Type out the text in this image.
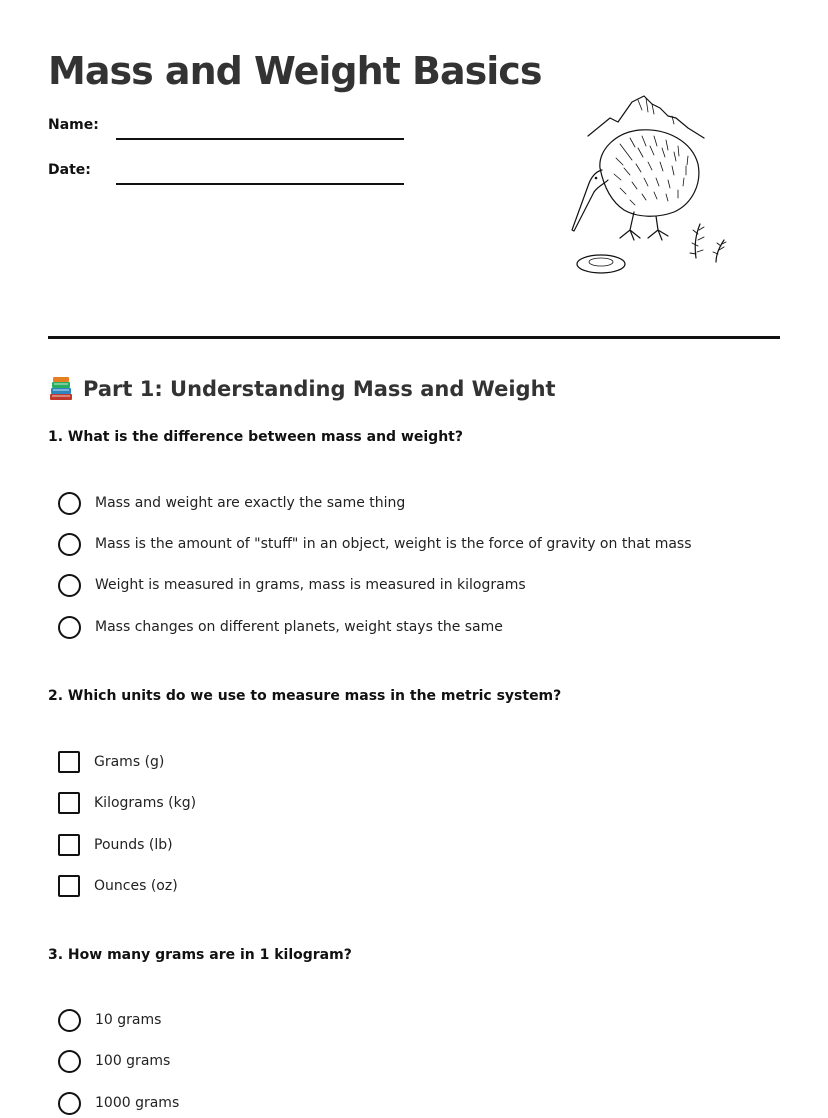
Mass and Weight Basics
Name:
Date:
Part 1: Understanding Mass and Weight

1. What is the difference between mass and weight?

Mass and weight are exactly the same thing
Mass is the amount of "stuff" in an object, weight is the force of gravity on that mass
Weight is measured in grams, mass is measured in kilograms
Mass changes on different planets, weight stays the same

2. Which units do we use to measure mass in the metric system?

Grams (g)
Kilograms (kg)
Pounds (lb)
Ounces (oz)

3. How many grams are in 1 kilogram?

10 grams
100 grams
1000 grams
